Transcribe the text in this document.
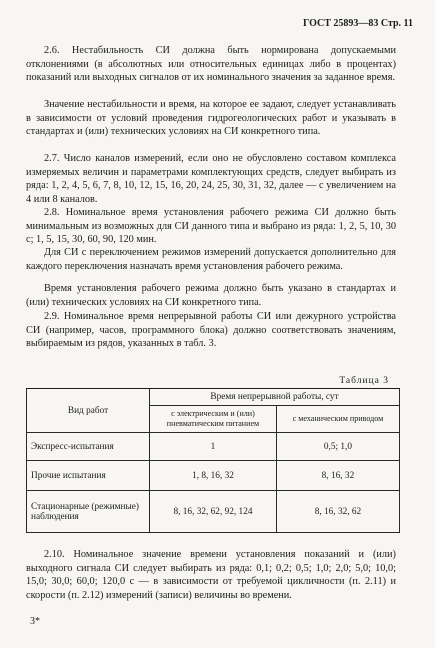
ГОСТ 25893—83 Стр. 11
2.6. Нестабильность СИ должна быть нормирована допускаемыми отклонениями (в абсолютных или относительных единицах либо в процентах) показаний или выходных сигналов от их номинального значения за заданное время.
Значение нестабильности и время, на которое ее задают, следует устанавливать в зависимости от условий проведения гидрогеологических работ и указывать в стандартах и (или) технических условиях на СИ конкретного типа.
2.7. Число каналов измерений, если оно не обусловлено составом комплекса измеряемых величин и параметрами комплектующих средств, следует выбирать из ряда: 1, 2, 4, 5, 6, 7, 8, 10, 12, 15, 16, 20, 24, 25, 30, 31, 32, далее — с увеличением на 4 или 8 каналов.
2.8. Номинальное время установления рабочего режима СИ должно быть минимальным из возможных для СИ данного типа и выбрано из ряда: 1, 2, 5, 10, 30 с; 1, 5, 15, 30, 60, 90, 120 мин.
Для СИ с переключением режимов измерений допускается дополнительно для каждого переключения назначать время установления рабочего режима.
Время установления рабочего режима должно быть указано в стандартах и (или) технических условиях на СИ конкретного типа.
2.9. Номинальное время непрерывной работы СИ или дежурного устройства СИ (например, часов, программного блока) должно соответствовать значениям, выбираемым из рядов, указанных в табл. 3.
Таблица 3
Вид работ	Время непрерывной работы, сут	
	с электрическим и (или) пневматическим питанием	с механическим приводом
Экспресс-испытания	1	0,5; 1,0
Прочие испытания	1, 8, 16, 32	8, 16, 32
Стационарные (режимные) наблюдения	8, 16, 32, 62, 92, 124	8, 16, 32, 62
2.10. Номинальное значение времени установления показаний и (или) выходного сигнала СИ следует выбирать из ряда: 0,1; 0,2; 0,5; 1,0; 2,0; 5,0; 10,0; 15,0; 30,0; 60,0; 120,0 с — в зависимости от требуемой цикличности (п. 2.11) и скорости (п. 2.12) измерений (записи) величины во времени.
3*
